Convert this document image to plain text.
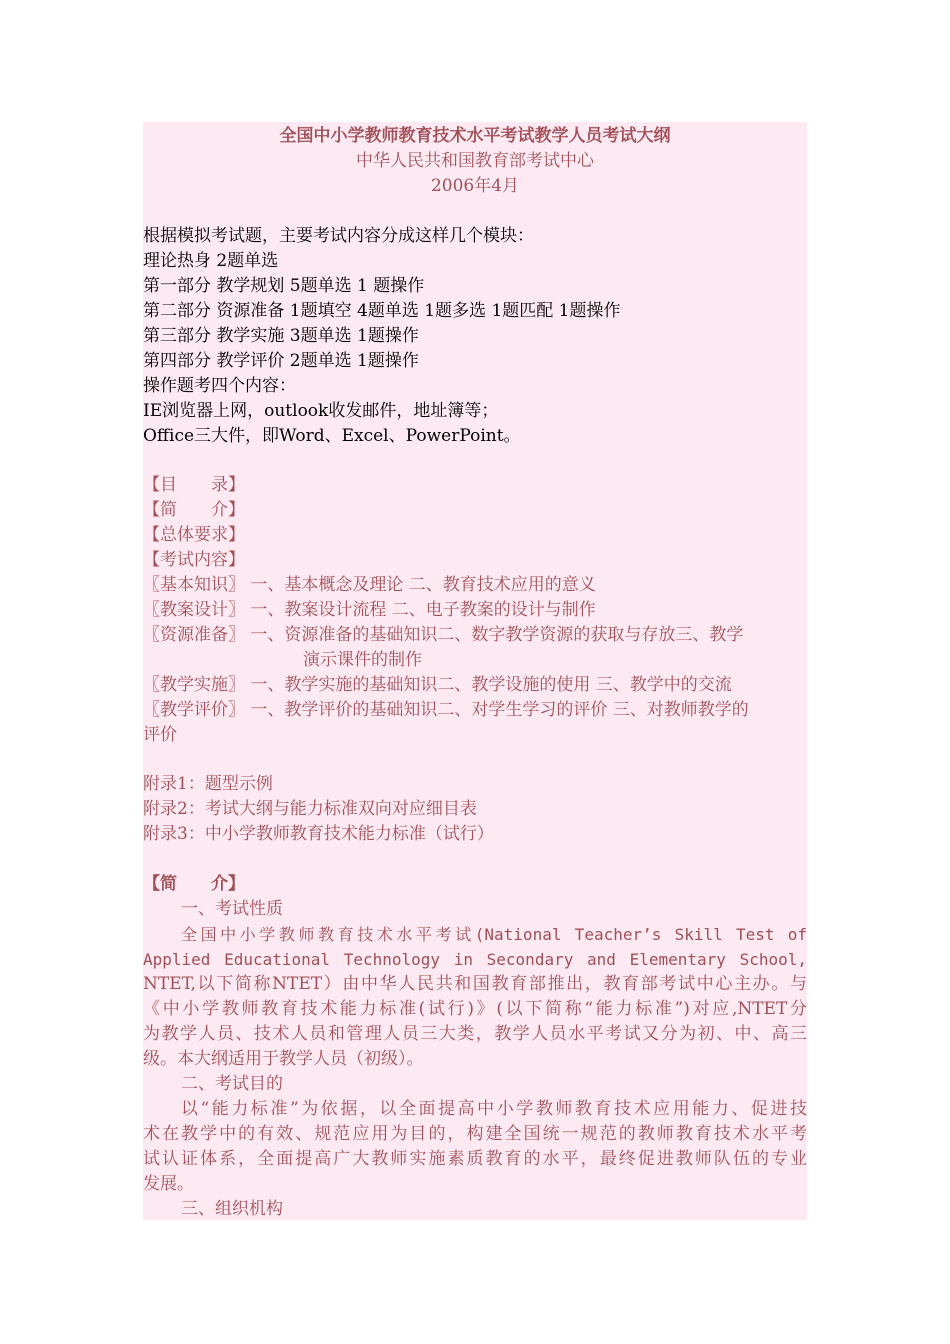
全国中小学教师教育技术水平考试教学人员考试大纲
中华人民共和国教育部考试中心
2006年4月
根据模拟考试题，主要考试内容分成这样几个模块：
理论热身 2题单选
第一部分 教学规划 5题单选 1 题操作
第二部分 资源准备 1题填空 4题单选 1题多选 1题匹配 1题操作
第三部分 教学实施 3题单选 1题操作
第四部分 教学评价 2题单选 1题操作
操作题考四个内容：
IE浏览器上网，outlook收发邮件，地址簿等；
Office三大件，即Word、Excel、PowerPoint。
【目　　录】
【简　　介】
【总体要求】
【考试内容】
〖基本知识〗 一、基本概念及理论 二、教育技术应用的意义
〖教案设计〗 一、教案设计流程 二、电子教案的设计与制作
〖资源准备〗 一、资源准备的基础知识二、数字教学资源的获取与存放三、教学
演示课件的制作
〖教学实施〗 一、教学实施的基础知识二、教学设施的使用 三、教学中的交流
〖教学评价〗 一、教学评价的基础知识二、对学生学习的评价 三、对教师教学的
评价
附录1：题型示例
附录2：考试大纲与能力标准双向对应细目表
附录3：中小学教师教育技术能力标准（试行）
【简　　介】
一、考试性质
全国中小学教师教育技术水平考试(National Teacher’s Skill Test of
Applied Educational Technology in Secondary and Elementary School,
NTET,以下简称NTET）由中华人民共和国教育部推出，教育部考试中心主办。与
《中小学教师教育技术能力标准(试行)》(以下简称“能力标准”)对应,NTET分
为教学人员、技术人员和管理人员三大类，教学人员水平考试又分为初、中、高三
级。本大纲适用于教学人员（初级）。
二、考试目的
以“能力标准”为依据，以全面提高中小学教师教育技术应用能力、促进技
术在教学中的有效、规范应用为目的，构建全国统一规范的教师教育技术水平考
试认证体系，全面提高广大教师实施素质教育的水平，最终促进教师队伍的专业
发展。
三、组织机构
